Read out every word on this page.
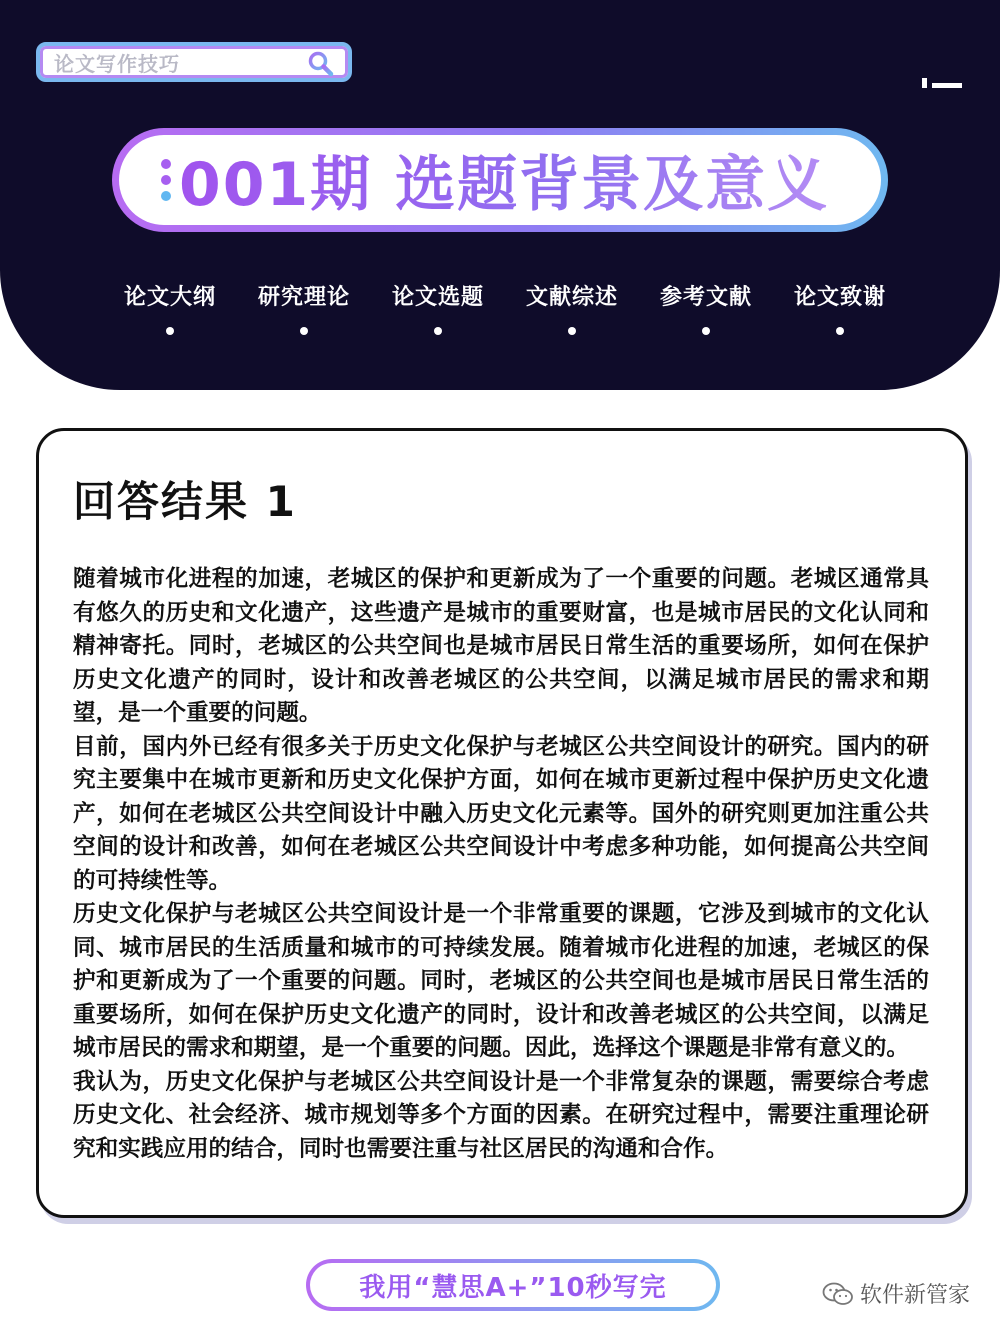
论文写作技巧
001期 选题背景及意义
论文大纲 研究理论 论文选题 文献综述 参考文献 论文致谢
回答结果 1

随着城市化进程的加速，老城区的保护和更新成为了一个重要的问题。老城区通常具有悠久的历史和文化遗产，这些遗产是城市的重要财富，也是城市居民的文化认同和精神寄托。同时，老城区的公共空间也是城市居民日常生活的重要场所，如何在保护历史文化遗产的同时，设计和改善老城区的公共空间，以满足城市居民的需求和期望，是一个重要的问题。

目前，国内外已经有很多关于历史文化保护与老城区公共空间设计的研究。国内的研究主要集中在城市更新和历史文化保护方面，如何在城市更新过程中保护历史文化遗产，如何在老城区公共空间设计中融入历史文化元素等。国外的研究则更加注重公共空间的设计和改善，如何在老城区公共空间设计中考虑多种功能，如何提高公共空间的可持续性等。

历史文化保护与老城区公共空间设计是一个非常重要的课题，它涉及到城市的文化认同、城市居民的生活质量和城市的可持续发展。随着城市化进程的加速，老城区的保护和更新成为了一个重要的问题。同时，老城区的公共空间也是城市居民日常生活的重要场所，如何在保护历史文化遗产的同时，设计和改善老城区的公共空间，以满足城市居民的需求和期望，是一个重要的问题。因此，选择这个课题是非常有意义的。

我认为，历史文化保护与老城区公共空间设计是一个非常复杂的课题，需要综合考虑历史文化、社会经济、城市规划等多个方面的因素。在研究过程中，需要注重理论研究和实践应用的结合，同时也需要注重与社区居民的沟通和合作。

我用“慧思A+”10秒写完	软件新管家
